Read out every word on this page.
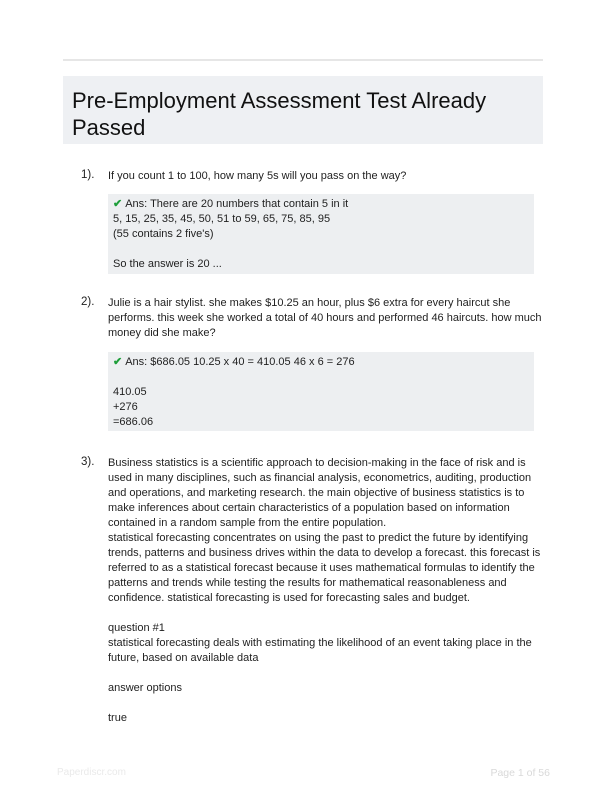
Pre-Employment Assessment Test Already Passed
1). If you count 1 to 100, how many 5s will you pass on the way?
✔ Ans: There are 20 numbers that contain 5 in it
5, 15, 25, 35, 45, 50, 51 to 59, 65, 75, 85, 95
(55 contains 2 five's)
So the answer is 20 ...
2). Julie is a hair stylist. she makes $10.25 an hour, plus $6 extra for every haircut she
performs. this week she worked a total of 40 hours and performed 46 haircuts. how much
money did she make?
✔ Ans: $686.05 10.25 x 40 = 410.05 46 x 6 = 276
410.05
+276
=686.06
3). Business statistics is a scientific approach to decision-making in the face of risk and is
used in many disciplines, such as financial analysis, econometrics, auditing, production
and operations, and marketing research. the main objective of business statistics is to
make inferences about certain characteristics of a population based on information
contained in a random sample from the entire population.
statistical forecasting concentrates on using the past to predict the future by identifying
trends, patterns and business drives within the data to develop a forecast. this forecast is
referred to as a statistical forecast because it uses mathematical formulas to identify the
patterns and trends while testing the results for mathematical reasonableness and
confidence. statistical forecasting is used for forecasting sales and budget.
question #1
statistical forecasting deals with estimating the likelihood of an event taking place in the
future, based on available data
answer options
true
Paperdiscr.com	Page 1 of 56
